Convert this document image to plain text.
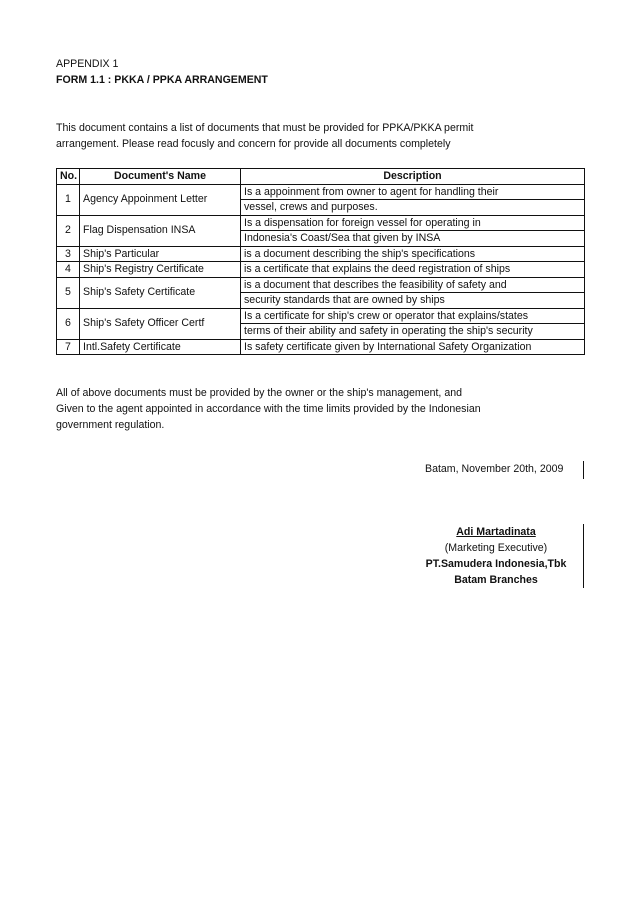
APPENDIX 1
FORM 1.1 : PKKA / PPKA ARRANGEMENT
This document contains a list of documents that must be provided for PPKA/PKKA permit
arrangement. Please read focusly and concern for provide all documents completely
No.	Document's Name	Description
1	Agency Appoinment Letter	Is a appoinment from owner to agent for handling their
		vessel, crews and purposes.
2	Flag Dispensation INSA	Is a dispensation for foreign vessel for operating in
		Indonesia's Coast/Sea that given by INSA
3	Ship's Particular	is a document describing the ship's specifications
4	Ship's Registry Certificate	is a certificate that explains the deed registration of ships
5	Ship's Safety Certificate	is a document that describes the feasibility of safety and
		security standards that are owned by ships
6	Ship's Safety Officer Certf	Is a certificate for ship's crew or operator that explains/states
		terms of their ability and safety in operating the ship's security
7	Intl.Safety Certificate	Is safety certificate given by International Safety Organization
All of above documents must be provided by the owner or the ship's management, and
Given to the agent appointed in accordance with the time limits provided by the Indonesian
government regulation.
Batam, November 20th, 2009
Adi Martadinata
(Marketing Executive)
PT.Samudera Indonesia,Tbk
Batam Branches
